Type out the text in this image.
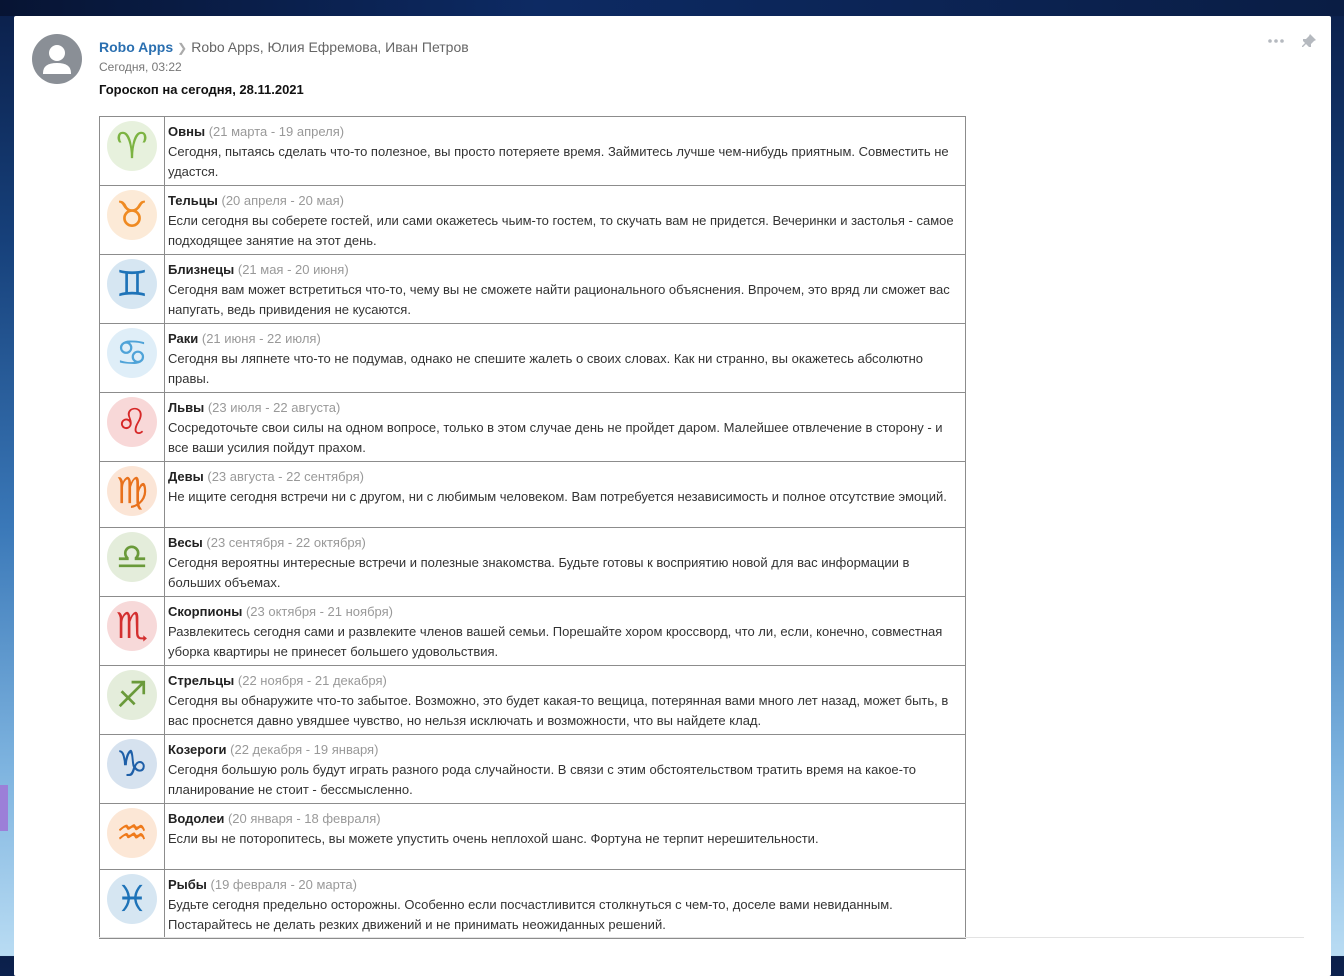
Robo Apps ❯ Robo Apps, Юлия Ефремова, Иван Петров
Сегодня, 03:22
Гороскоп на сегодня, 28.11.2021
♈	Овны (21 марта - 19 апреля)
Сегодня, пытаясь сделать что-то полезное, вы просто потеряете время. Займитесь лучше чем-нибудь приятным. Совместить не удастся.

♉	Тельцы (20 апреля - 20 мая)
Если сегодня вы соберете гостей, или сами окажетесь чьим-то гостем, то скучать вам не придется. Вечеринки и застолья - самое подходящее занятие на этот день.

♊	Близнецы (21 мая - 20 июня)
Сегодня вам может встретиться что-то, чему вы не сможете найти рационального объяснения. Впрочем, это вряд ли сможет вас напугать, ведь привидения не кусаются.

♋	Раки (21 июня - 22 июля)
Сегодня вы ляпнете что-то не подумав, однако не спешите жалеть о своих словах. Как ни странно, вы окажетесь абсолютно правы.

♌	Львы (23 июля - 22 августа)
Сосредоточьте свои силы на одном вопросе, только в этом случае день не пройдет даром. Малейшее отвлечение в сторону - и все ваши усилия пойдут прахом.

♍	Девы (23 августа - 22 сентября)
Не ищите сегодня встречи ни с другом, ни с любимым человеком. Вам потребуется независимость и полное отсутствие эмоций.

♎	Весы (23 сентября - 22 октября)
Сегодня вероятны интересные встречи и полезные знакомства. Будьте готовы к восприятию новой для вас информации в больших объемах.

♏	Скорпионы (23 октября - 21 ноября)
Развлекитесь сегодня сами и развлеките членов вашей семьи. Порешайте хором кроссворд, что ли, если, конечно, совместная уборка квартиры не принесет большего удовольствия.

♐	Стрельцы (22 ноября - 21 декабря)
Сегодня вы обнаружите что-то забытое. Возможно, это будет какая-то вещица, потерянная вами много лет назад, может быть, в вас проснется давно увядшее чувство, но нельзя исключать и возможности, что вы найдете клад.

♑	Козероги (22 декабря - 19 января)
Сегодня большую роль будут играть разного рода случайности. В связи с этим обстоятельством тратить время на какое-то планирование не стоит - бессмысленно.

♒	Водолеи (20 января - 18 февраля)
Если вы не поторопитесь, вы можете упустить очень неплохой шанс. Фортуна не терпит нерешительности.

♓	Рыбы (19 февраля - 20 марта)
Будьте сегодня предельно осторожны. Особенно если посчастливится столкнуться с чем-то, доселе вами невиданным. Постарайтесь не делать резких движений и не принимать неожиданных решений.
